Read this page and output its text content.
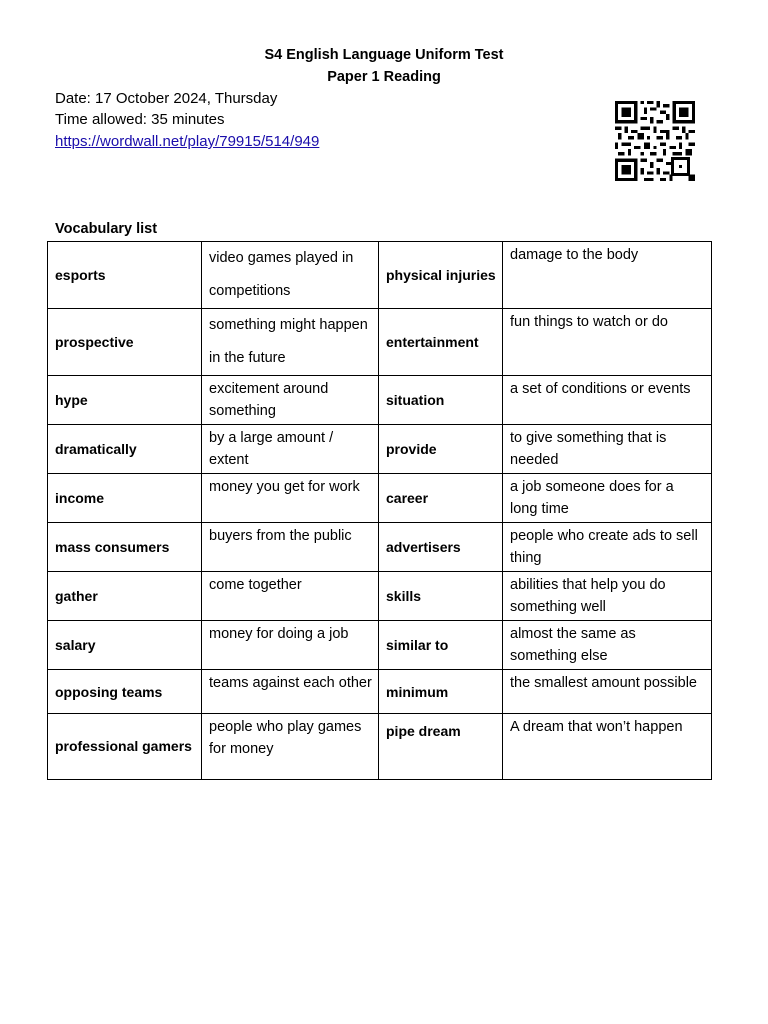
S4 English Language Uniform Test
Paper 1 Reading
Date: 17 October 2024, Thursday
Time allowed: 35 minutes
https://wordwall.net/play/79915/514/949
Vocabulary list
esports	video games played in competitions	physical injuries	damage to the body
prospective	something might happen in the future	entertainment	fun things to watch or do
hype	excitement around something	situation	a set of conditions or events
dramatically	by a large amount / extent	provide	to give something that is needed
income	money you get for work	career	a job someone does for a long time
mass consumers	buyers from the public	advertisers	people who create ads to sell thing
gather	come together	skills	abilities that help you do something well
salary	money for doing a job	similar to	almost the same as something else
opposing teams	teams against each other	minimum	the smallest amount possible
professional gamers	people who play games for money	pipe dream	A dream that won’t happen
